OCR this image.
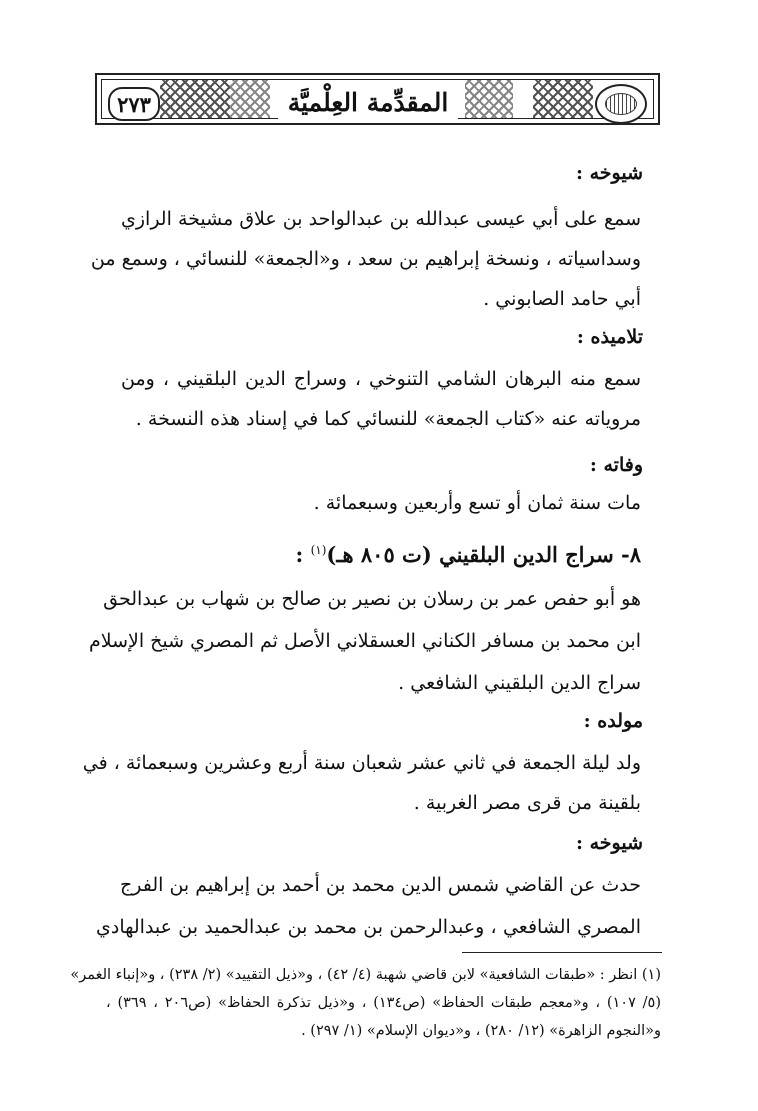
٢٧٣	المقدِّمة العِلْميَّة
شيوخه :
سمع على أبي عيسى عبدالله بن عبدالواحد بن علاق مشيخة الرازي
وسداسياته ، ونسخة إبراهيم بن سعد ، و«الجمعة» للنسائي ، وسمع من
أبي حامد الصابوني .
تلاميذه :
سمع منه البرهان الشامي التنوخي ، وسراج الدين البلقيني ، ومن
مروياته عنه «كتاب الجمعة» للنسائي كما في إسناد هذه النسخة .
وفاته :
مات سنة ثمان أو تسع وأربعين وسبعمائة .
٨- سراج الدين البلقيني (ت ٨٠٥ هـ)$^{(١)}$ :
هو أبو حفص عمر بن رسلان بن نصير بن صالح بن شهاب بن عبدالحق
ابن محمد بن مسافر الكناني العسقلاني الأصل ثم المصري شيخ الإسلام
سراج الدين البلقيني الشافعي .
مولده :
ولد ليلة الجمعة في ثاني عشر شعبان سنة أربع وعشرين وسبعمائة ، في
بلقينة من قرى مصر الغربية .
شيوخه :
حدث عن القاضي شمس الدين محمد بن أحمد بن إبراهيم بن الفرج
المصري الشافعي ، وعبدالرحمن بن محمد بن عبدالحميد بن عبدالهادي
(١) انظر : «طبقات الشافعية» لابن قاضي شهبة (٤/ ٤٢) ، و«ذيل التقييد» (٢/ ٢٣٨) ، و«إنباء الغمر»
(٥/ ١٠٧) ، و«معجم طبقات الحفاظ» (ص١٣٤) ، و«ذيل تذكرة الحفاظ» (ص٢٠٦ ، ٣٦٩) ،
و«النجوم الزاهرة» (١٢/ ٢٨٠) ، و«ديوان الإسلام» (١/ ٢٩٧) .
